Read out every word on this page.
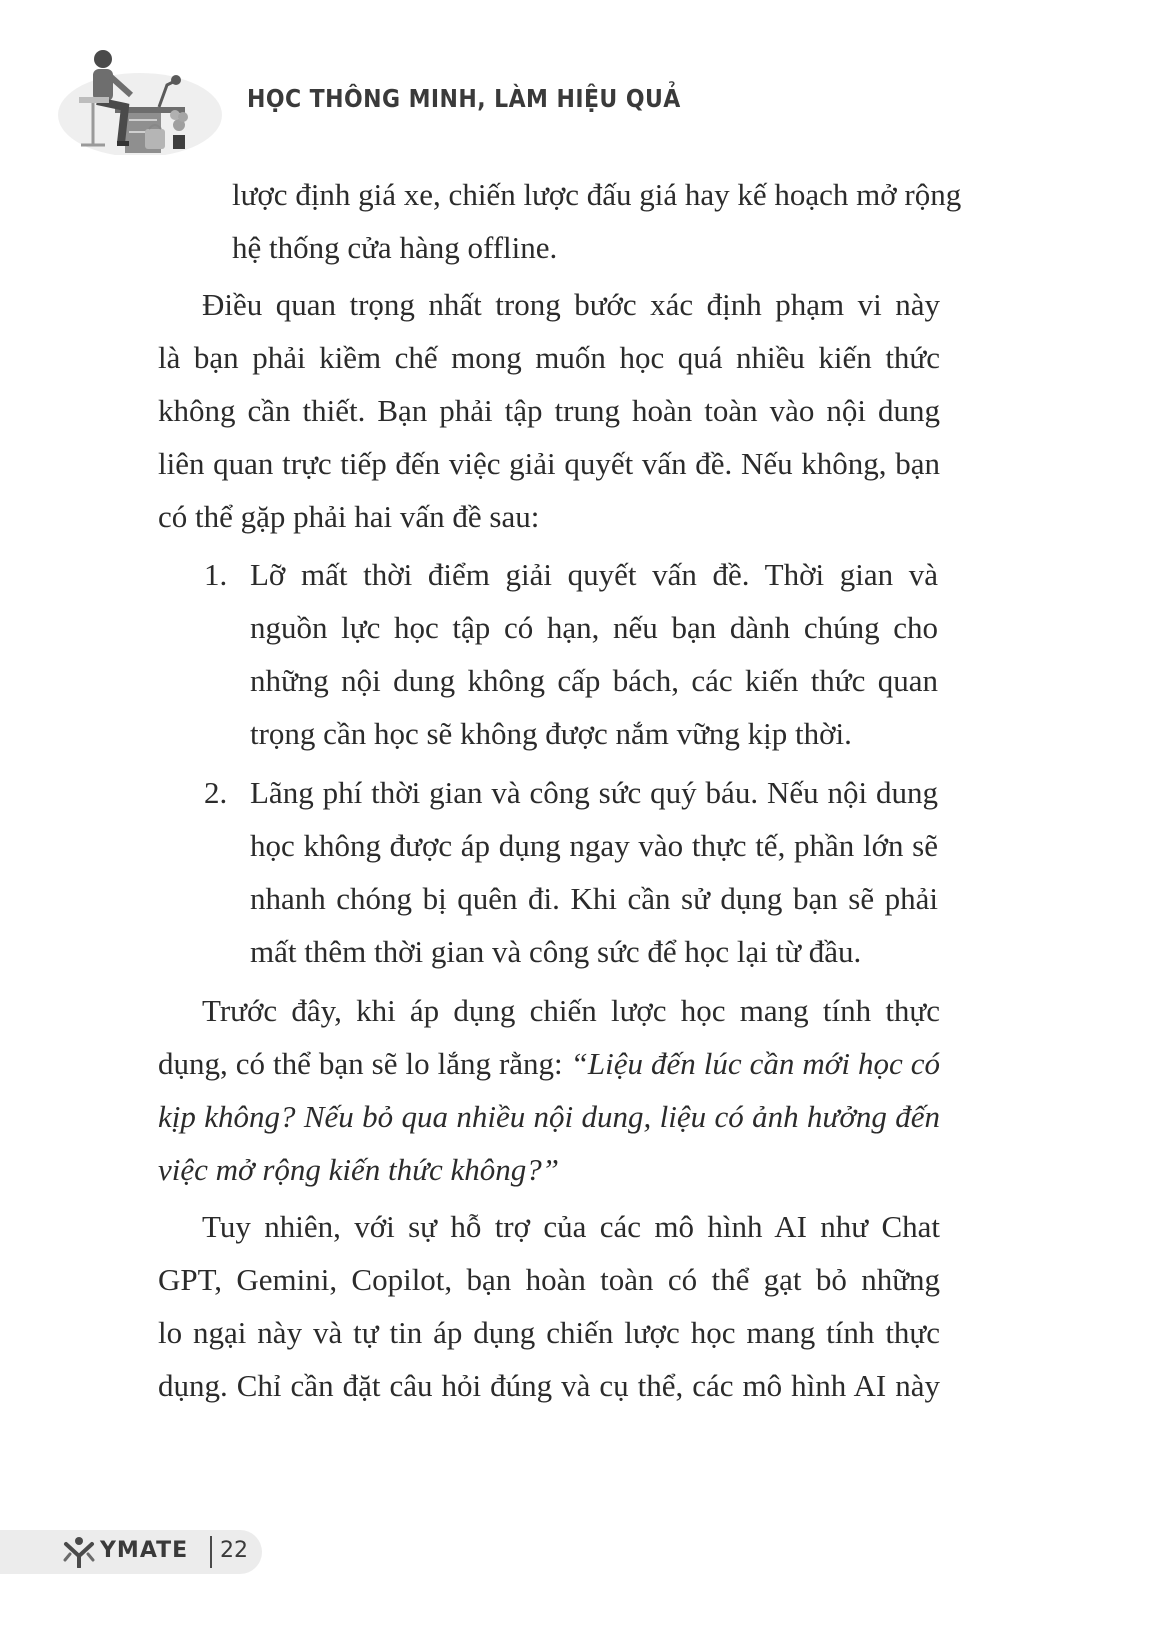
HỌC THÔNG MINH, LÀM HIỆU QUẢ
lược định giá xe, chiến lược đấu giá hay kế hoạch mở rộng
hệ thống cửa hàng offline.
Điều quan trọng nhất trong bước xác định phạm vi này
là bạn phải kiềm chế mong muốn học quá nhiều kiến thức
không cần thiết. Bạn phải tập trung hoàn toàn vào nội dung
liên quan trực tiếp đến việc giải quyết vấn đề. Nếu không, bạn
có thể gặp phải hai vấn đề sau:
1. Lỡ mất thời điểm giải quyết vấn đề. Thời gian và
nguồn lực học tập có hạn, nếu bạn dành chúng cho
những nội dung không cấp bách, các kiến thức quan
trọng cần học sẽ không được nắm vững kịp thời.
2. Lãng phí thời gian và công sức quý báu. Nếu nội dung
học không được áp dụng ngay vào thực tế, phần lớn sẽ
nhanh chóng bị quên đi. Khi cần sử dụng bạn sẽ phải
mất thêm thời gian và công sức để học lại từ đầu.
Trước đây, khi áp dụng chiến lược học mang tính thực
dụng, có thể bạn sẽ lo lắng rằng: “Liệu đến lúc cần mới học có
kịp không? Nếu bỏ qua nhiều nội dung, liệu có ảnh hưởng đến
việc mở rộng kiến thức không?”
Tuy nhiên, với sự hỗ trợ của các mô hình AI như Chat
GPT, Gemini, Copilot, bạn hoàn toàn có thể gạt bỏ những
lo ngại này và tự tin áp dụng chiến lược học mang tính thực
dụng. Chỉ cần đặt câu hỏi đúng và cụ thể, các mô hình AI này
YMATE 22
